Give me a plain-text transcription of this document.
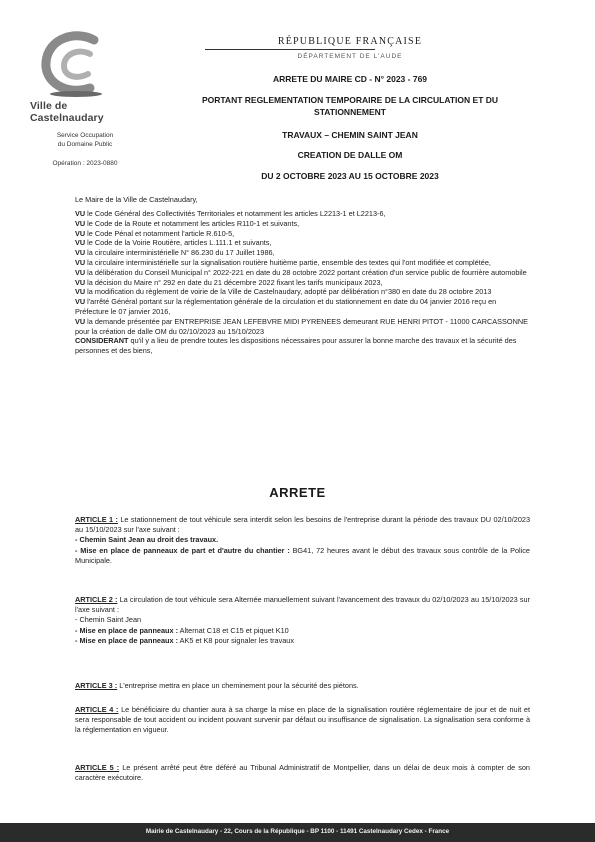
Ville de Castelnaudary
Service Occupation
du Domaine Public
Opération : 2023-0880
RÉPUBLIQUE FRANÇAISE
DÉPARTEMENT DE L'AUDE
ARRETE DU MAIRE CD - N° 2023 - 769
PORTANT REGLEMENTATION TEMPORAIRE DE LA CIRCULATION ET DU
STATIONNEMENT
TRAVAUX – CHEMIN SAINT JEAN
CREATION DE DALLE OM
DU 2 OCTOBRE 2023 AU 15 OCTOBRE 2023
Le Maire de la Ville de Castelnaudary,

VU le Code Général des Collectivités Territoriales et notamment les articles L2213-1 et L2213-6,

VU le Code de la Route et notamment les articles R110-1 et suivants,

VU le Code Pénal et notamment l'article R.610-5,

VU le Code de la Voirie Routière, articles L.111.1 et suivants,

VU la circulaire interministérielle N° 86.230 du 17 Juillet 1986,

VU la circulaire interministérielle sur la signalisation routière huitième partie, ensemble des textes qui l'ont modifiée et complétée,

VU la délibération du Conseil Municipal n° 2022-221 en date du 28 octobre 2022 portant création d'un service public de fourrière automobile

VU la décision du Maire n° 292 en date du 21 décembre 2022 fixant les tarifs municipaux 2023,

VU la modification du règlement de voirie de la Ville de Castelnaudary, adopté par délibération n°380 en date du 28 octobre 2013

VU l'arrêté Général portant sur la réglementation générale de la circulation et du stationnement en date du 04 janvier 2016 reçu en Préfecture le 07 janvier 2016,

VU la demande présentée par ENTREPRISE JEAN LEFEBVRE MIDI PYRENEES demeurant RUE HENRI PITOT - 11000 CARCASSONNE pour la création de dalle OM du 02/10/2023 au 15/10/2023

CONSIDERANT qu'il y a lieu de prendre toutes les dispositions nécessaires pour assurer la bonne marche des travaux et la sécurité des personnes et des biens,

ARRETE

ARTICLE 1 : Le stationnement de tout véhicule sera interdit selon les besoins de l'entreprise durant la période des travaux DU 02/10/2023 au 15/10/2023 sur l'axe suivant :

- Chemin Saint Jean au droit des travaux.

- Mise en place de panneaux de part et d'autre du chantier : BG41, 72 heures avant le début des travaux sous contrôle de la Police Municipale.

ARTICLE 2 : La circulation de tout véhicule sera Alternée manuellement suivant l'avancement des travaux du 02/10/2023 au 15/10/2023 sur l'axe suivant :

- Chemin Saint Jean

- Mise en place de panneaux : Alternat C18 et C15 et piquet K10

- Mise en place de panneaux : AK5 et K8 pour signaler les travaux

ARTICLE 3 : L'entreprise mettra en place un cheminement pour la sécurité des piétons.

ARTICLE 4 : Le bénéficiaire du chantier aura à sa charge la mise en place de la signalisation routière réglementaire de jour et de nuit et sera responsable de tout accident ou incident pouvant survenir par défaut ou insuffisance de signalisation. La signalisation sera conforme à la réglementation en vigueur.

ARTICLE 5 : Le présent arrêté peut être déféré au Tribunal Administratif de Montpellier, dans un délai de deux mois à compter de son caractère exécutoire.

Mairie de Castelnaudary - 22, Cours de la République - BP 1100 - 11491 Castelnaudary Cedex - France
